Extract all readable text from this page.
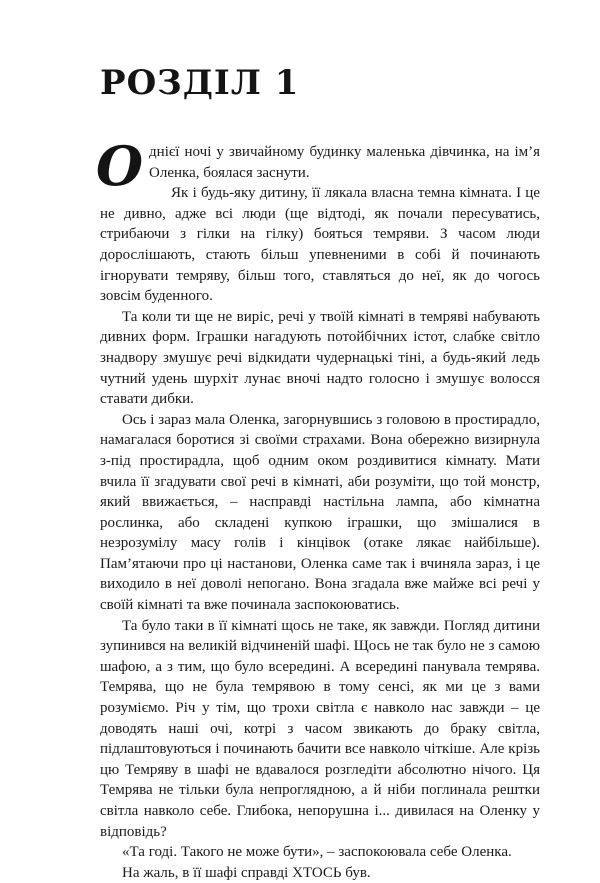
РОЗДІЛ 1

Однієї ночі у звичайному будинку маленька дівчинка, на ім’я Оленка, боялася заснути.

Як і будь-яку дитину, її лякала власна темна кімната. І це не дивно, адже всі люди (ще відтоді, як почали пересуватись, стрибаючи з гілки на гілку) бояться темряви. З часом люди дорослішають, стають більш упевненими в собі й починають ігнорувати темряву, більш того, ставляться до неї, як до чогось зовсім буденного.

Та коли ти ще не виріс, речі у твоїй кімнаті в темряві набувають дивних форм. Іграшки нагадують потойбічних істот, слабке світло знадвору змушує речі відкидати чудернацькі тіні, а будь-який ледь чутний удень шурхіт лунає вночі надто голосно і змушує волосся ставати дибки.

Ось і зараз мала Оленка, загорнувшись з головою в простирадло, намагалася боротися зі своїми страхами. Вона обережно визирнула з-під простирадла, щоб одним оком роздивитися кімнату. Мати вчила її згадувати свої речі в кімнаті, аби розуміти, що той монстр, який ввижається, – насправді настільна лампа, або кімнатна рослинка, або складені купкою іграшки, що змішалися в незрозумілу масу голів і кінцівок (отаке лякає найбільше). Пам’ятаючи про ці настанови, Оленка саме так і вчиняла зараз, і це виходило в неї доволі непогано. Вона згадала вже майже всі речі у своїй кімнаті та вже починала заспокоюватись.

Та було таки в її кімнаті щось не таке, як завжди. Погляд дитини зупинився на великій відчиненій шафі. Щось не так було не з самою шафою, а з тим, що було всередині. А всередині панувала темрява. Темрява, що не була темрявою в тому сенсі, як ми це з вами розуміємо. Річ у тім, що трохи світла є навколо нас завжди – це доводять наші очі, котрі з часом звикають до браку світла, підлаштовуються і починають бачити все навколо чіткіше. Але крізь цю Темряву в шафі не вдавалося розгледіти абсолютно нічого. Ця Темрява не тільки була непроглядною, а й ніби поглинала рештки світла навколо себе. Глибока, непорушна і... дивилася на Оленку у відповідь?

«Та годі. Такого не може бути», – заспокоювала себе Оленка.

На жаль, в її шафі справді ХТОСЬ був.
